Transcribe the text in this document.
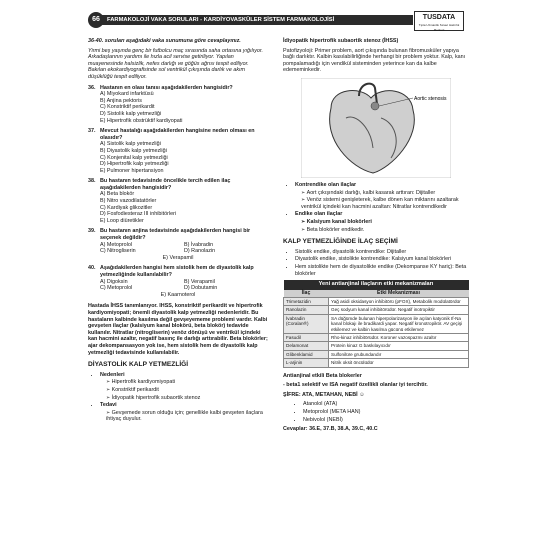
66	FARMAKOLOJİ VAKA SORULARI - KARDİYOVASKÜLER SİSTEM FARMAKOLOJİSİ	TUSDATA
Tıpta Uzmanlık Sınavı Hazırlık Merkezi

36-40. soruları aşağıdaki vaka sunumuna göre cevaplayınız.

Yirmi beş yaşında genç bir futbolcu maç sırasında saha ortasına yığılıyor. Arkadaşlarının yardımı ile hızla acil servise getiriliyor. Yapılan muayenesinde halsizlik, nefes darlığı ve göğüs ağrısı tespit ediliyor. Bakılan ekokardiyografisinde sol ventrikül çıkışında darlık ve akım düşüklüğü tespit ediliyor.

36. Hastanın en olası tanısı aşağıdakilerden hangisidir?
A) Miyokard infarktüsü
B) Anjina pektoris
C) Konstriktif perikardit
D) Sistolik kalp yetmezliği
E) Hipertrofik obstrüktif kardiyopati
37. Mevcut hastalığı aşağıdakilerden hangisine neden olması en olasıdır?
A) Sistolik kalp yetmezliği
B) Diyastolik kalp yetmezliği
C) Konjenital kalp yetmezliği
D) Hipertrofik kalp yetmezliği
E) Pulmoner hipertansiyon
38. Bu hastanın tedavisinde öncelikle tercih edilen ilaç aşağıdakilerden hangisidir?
A) Beta blokör
B) Nitro vazodilatatörler
C) Kardiyak glikozitler
D) Fosfodiesteraz III inhibitörleri
E) Loop diüretikler
39. Bu hastanın anjina tedavisinde aşağıdakilerden hangisi bir seçenek değildir?
A) Metoprolol	B) İvabradin
C) Nitrogliserin	D) Ranolazin
E) Verapamil
40. Aşağıdakilerden hangisi hem sistolik hem de diyastolik kalp yetmezliğinde kullanılabilir?
A) Digoksin	B) Verapamil
C) Metoprolol	D) Dobutamin
E) Kaarnoterol

Hastada İHSS tanımlanıyor. IHSS, konstriktif perikardit ve hipertrofik kardiyomiyopati; önemli diyastolik kalp yetmezliği nedenleridir. Bu hastaların kalbinde kasılma değil gevşeyememe problemi vardır. Kalbi gevşeten ilaçlar (kalsiyum kanal blokörü, beta blokör) tedavide kullanılır. Nitratlar (nitrogliserin) venöz dönüşü ve ventrikül içindeki kan hacmini azaltır, negatif basınç ile darlığı arttırabilir. Beta blokörler; ajar dekompansasyon yok ise, hem sistolik hem de diyastolik kalp yetmezliği tedavisinde kullanılabilir.

DİYASTOLİK KALP YETMEZLİĞİ
• Nedenleri
➢ Hipertrofik kardiyomiyopati
➢ Konstriktif perikardit
➢ İdiyopatik hipertrofik subaortik stenoz
• Tedavi
➢ Gevşemede sorun olduğu için; genellikle kalbi gevşeten ilaçlara ihtiyaç duyulur.

İdiyopatik hipertrofik subaortik stenoz (İHSS)

Patofizyoloji: Primer problem, aort çıkışında bulunan fibromusküler yapıya bağlı darlıktır. Kalbin kasılabilirliğinde herhangi bir problem yoktur. Kalp, kanı pompalamadığı için vendikül sisteminden yeterince kan da kalbe edememinkedir.

Aortic stenosis
• Kontrendike olan ilaçlar
➢ Aort çıkışındaki darlığı, kalbi kasarak arttıran: Dijitaller
➢ Venöz sistemi genişleterek, kalbe dönen kan miktarını azaltarak ventrikül içindeki kan hacmini azaltan: Nitratlar kontrendikedir
• Endike olan ilaçlar
➢ Kalsiyum kanal blokörleri
➢ Beta blokörler endikedir.
KALP YETMEZLİĞİNDE İLAÇ SEÇİMİ
• Sistolik endike, diyastolik kontrendike: Dijitaller
• Diyastolik endike, sistolikte kontrendike: Kalsiyum kanal blokörleri
• Hem sistolikte hem de diyastolikte endike (Dekompanse KY hariç): Beta blokörler
Yeni antianjinal ilaçların etki mekanizmaları	
İlaç	Etki Mekanizması
Trimetazidin	Yağ asidi oksidasyon inhibitörü (pFOX), Metabolik modülatördür
Ranolazin	Geç sodyum kanal inhibitörüdür. Negatif inotropiktir
İvabradin (Coralan®)	SA düğümde bulunan hiperpolarizasyon ile açılan katyonik If-Na kanal blokajı ile bradikardi yapar. Negatif kronotropiktir. AV geçişi etkilemez ve kalbin kasılma gücünü etkilemez
Fasudil	Rho-kinaz inhibitörüdür. Koroner vazospazmı azaltır
Delamonat	Protein kinaz G baskılayıcıdır
Glibenklamid	Sulfonilüre grubundandır
L-arjinin	Nitrik oksit öncülüdür

Antianjinal etkili Beta blokerler

- beta1 selektif ve ISA negatif özellikli olanlar iyi tercihtir.

ŞİFRE: ATA, METAHAN, NEBİ ☺

• Atanolol (ATA)
• Metoprolol (META HAN)
• Nebivolol (NEBİ)

Cevaplar: 36.E, 37.B, 38.A, 39.C, 40.C
